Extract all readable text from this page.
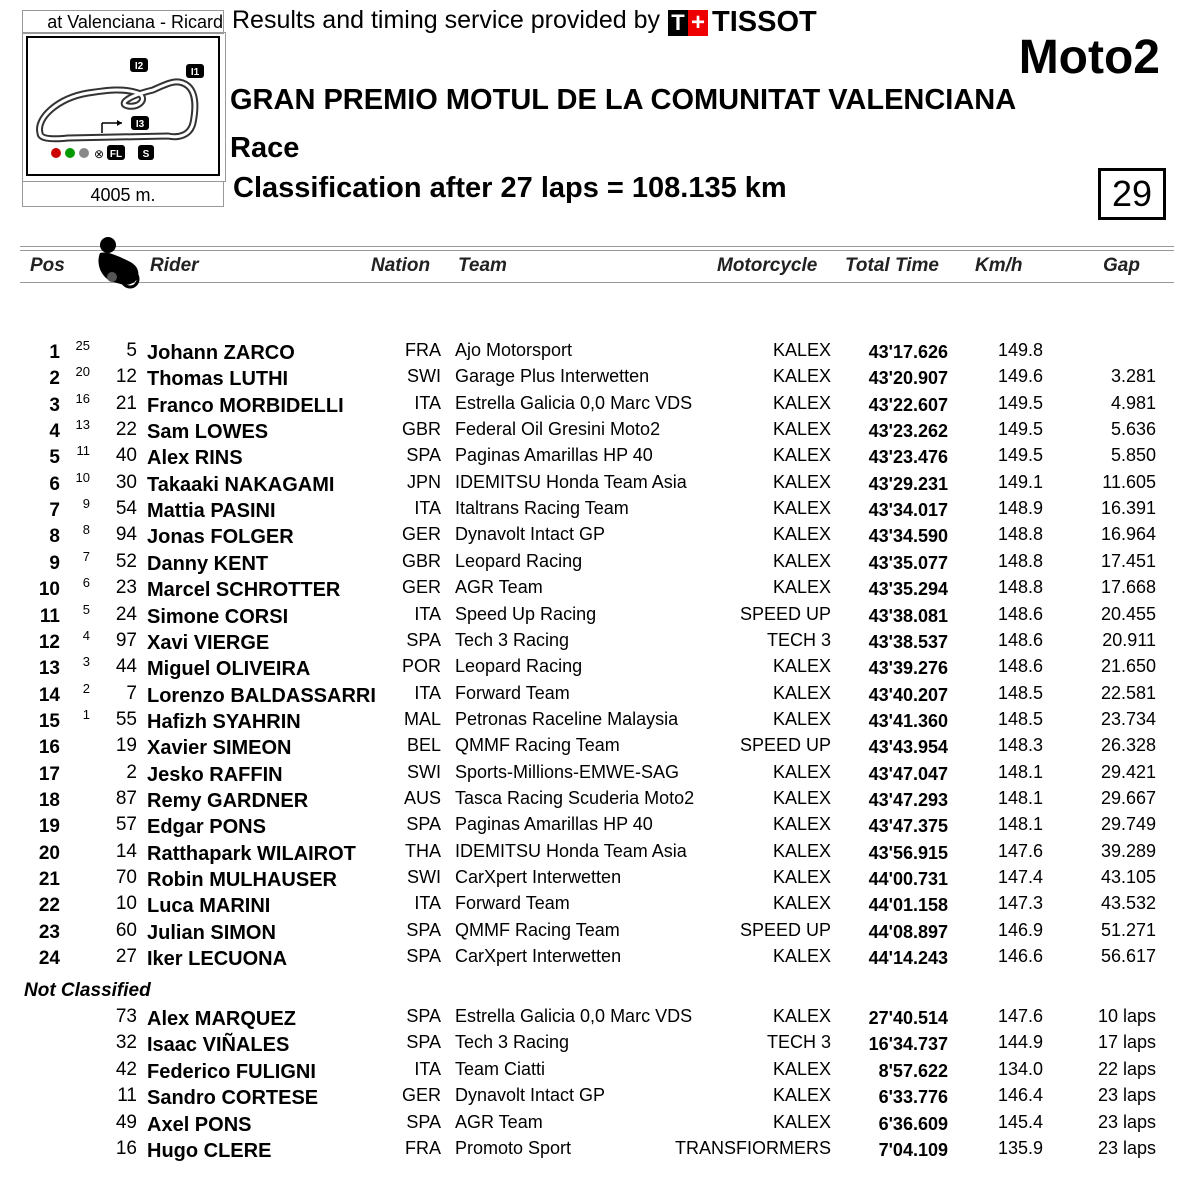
at Valenciana - Ricard
⊗ FL S
I2
I1
I3
4005 m.
Results and timing service provided by T + TISSOT
Moto2
GRAN PREMIO MOTUL DE LA COMUNITAT VALENCIANA
Race
Classification after 27 laps = 108.135 km	29
Pos	Rider	Nation Team	Motorcycle Total Time Km/h	Gap
1	25	5 Johann ZARCO	FRA Ajo Motorsport	KALEX	43'17.626	149.8
2	20	12 Thomas LUTHI	SWI Garage Plus Interwetten	KALEX	43'20.907	149.6	3.281
3	16	21 Franco MORBIDELLI	ITA Estrella Galicia 0,0 Marc VDS	KALEX	43'22.607	149.5	4.981
4	13	22 Sam LOWES	GBR Federal Oil Gresini Moto2	KALEX	43'23.262	149.5	5.636
5	11	40 Alex RINS	SPA Paginas Amarillas HP 40	KALEX	43'23.476	149.5	5.850
6	10	30 Takaaki NAKAGAMI	JPN IDEMITSU Honda Team Asia	KALEX	43'29.231	149.1	11.605
7	9	54 Mattia PASINI	ITA Italtrans Racing Team	KALEX	43'34.017	148.9	16.391
8	8	94 Jonas FOLGER	GER Dynavolt Intact GP	KALEX	43'34.590	148.8	16.964
9	7	52 Danny KENT	GBR Leopard Racing	KALEX	43'35.077	148.8	17.451
10	6	23 Marcel SCHROTTER	GER AGR Team	KALEX	43'35.294	148.8	17.668
11	5	24 Simone CORSI	ITA Speed Up Racing	SPEED UP	43'38.081	148.6	20.455
12	4	97 Xavi VIERGE	SPA Tech 3 Racing	TECH 3	43'38.537	148.6	20.911
13	3	44 Miguel OLIVEIRA	POR Leopard Racing	KALEX	43'39.276	148.6	21.650
14	2	7 Lorenzo BALDASSARRI	ITA Forward Team	KALEX	43'40.207	148.5	22.581
15	1	55 Hafizh SYAHRIN	MAL Petronas Raceline Malaysia	KALEX	43'41.360	148.5	23.734
16	19 Xavier SIMEON	BEL QMMF Racing Team	SPEED UP	43'43.954	148.3	26.328
17	2 Jesko RAFFIN	SWI Sports-Millions-EMWE-SAG	KALEX	43'47.047	148.1	29.421
18	87 Remy GARDNER	AUS Tasca Racing Scuderia Moto2	KALEX	43'47.293	148.1	29.667
19	57 Edgar PONS	SPA Paginas Amarillas HP 40	KALEX	43'47.375	148.1	29.749
20	14 Ratthapark WILAIROT	THA IDEMITSU Honda Team Asia	KALEX	43'56.915	147.6	39.289
21	70 Robin MULHAUSER	SWI CarXpert Interwetten	KALEX	44'00.731	147.4	43.105
22	10 Luca MARINI	ITA Forward Team	KALEX	44'01.158	147.3	43.532
23	60 Julian SIMON	SPA QMMF Racing Team	SPEED UP	44'08.897	146.9	51.271
24	27 Iker LECUONA	SPA CarXpert Interwetten	KALEX	44'14.243	146.6	56.617
Not Classified
73 Alex MARQUEZ	SPA Estrella Galicia 0,0 Marc VDS	KALEX	27'40.514	147.6	10 laps
32 Isaac VIÑALES	SPA Tech 3 Racing	TECH 3	16'34.737	144.9	17 laps
42 Federico FULIGNI	ITA Team Ciatti	KALEX	8'57.622	134.0	22 laps
11 Sandro CORTESE	GER Dynavolt Intact GP	KALEX	6'33.776	146.4	23 laps
49 Axel PONS	SPA AGR Team	KALEX	6'36.609	145.4	23 laps
16 Hugo CLERE	FRA Promoto Sport	TRANSFIORMERS	7'04.109	135.9	23 laps
